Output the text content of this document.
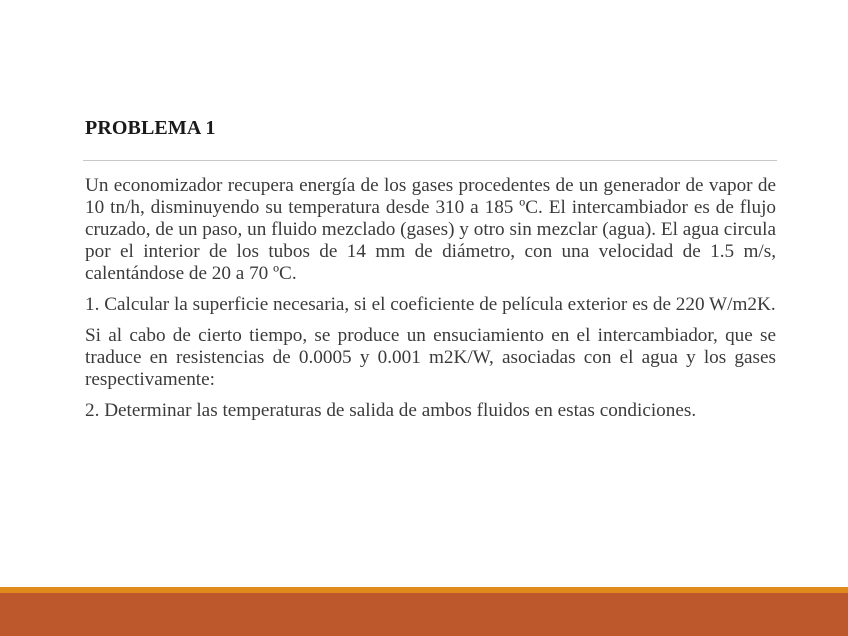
PROBLEMA 1

Un economizador recupera energía de los gases procedentes de un generador de vapor de 10 tn/h, disminuyendo su temperatura desde 310 a 185 ºC. El intercambiador es de flujo cruzado, de un paso, un fluido mezclado (gases) y otro sin mezclar (agua). El agua circula por el interior de los tubos de 14 mm de diámetro, con una velocidad de 1.5 m/s, calentándose de 20 a 70 ºC.

1. Calcular la superficie necesaria, si el coeficiente de película exterior es de 220 W/m2K.

Si al cabo de cierto tiempo, se produce un ensuciamiento en el intercambiador, que se traduce en resistencias de 0.0005 y 0.001 m2K/W, asociadas con el agua y los gases respectivamente:

2. Determinar las temperaturas de salida de ambos fluidos en estas condiciones.
